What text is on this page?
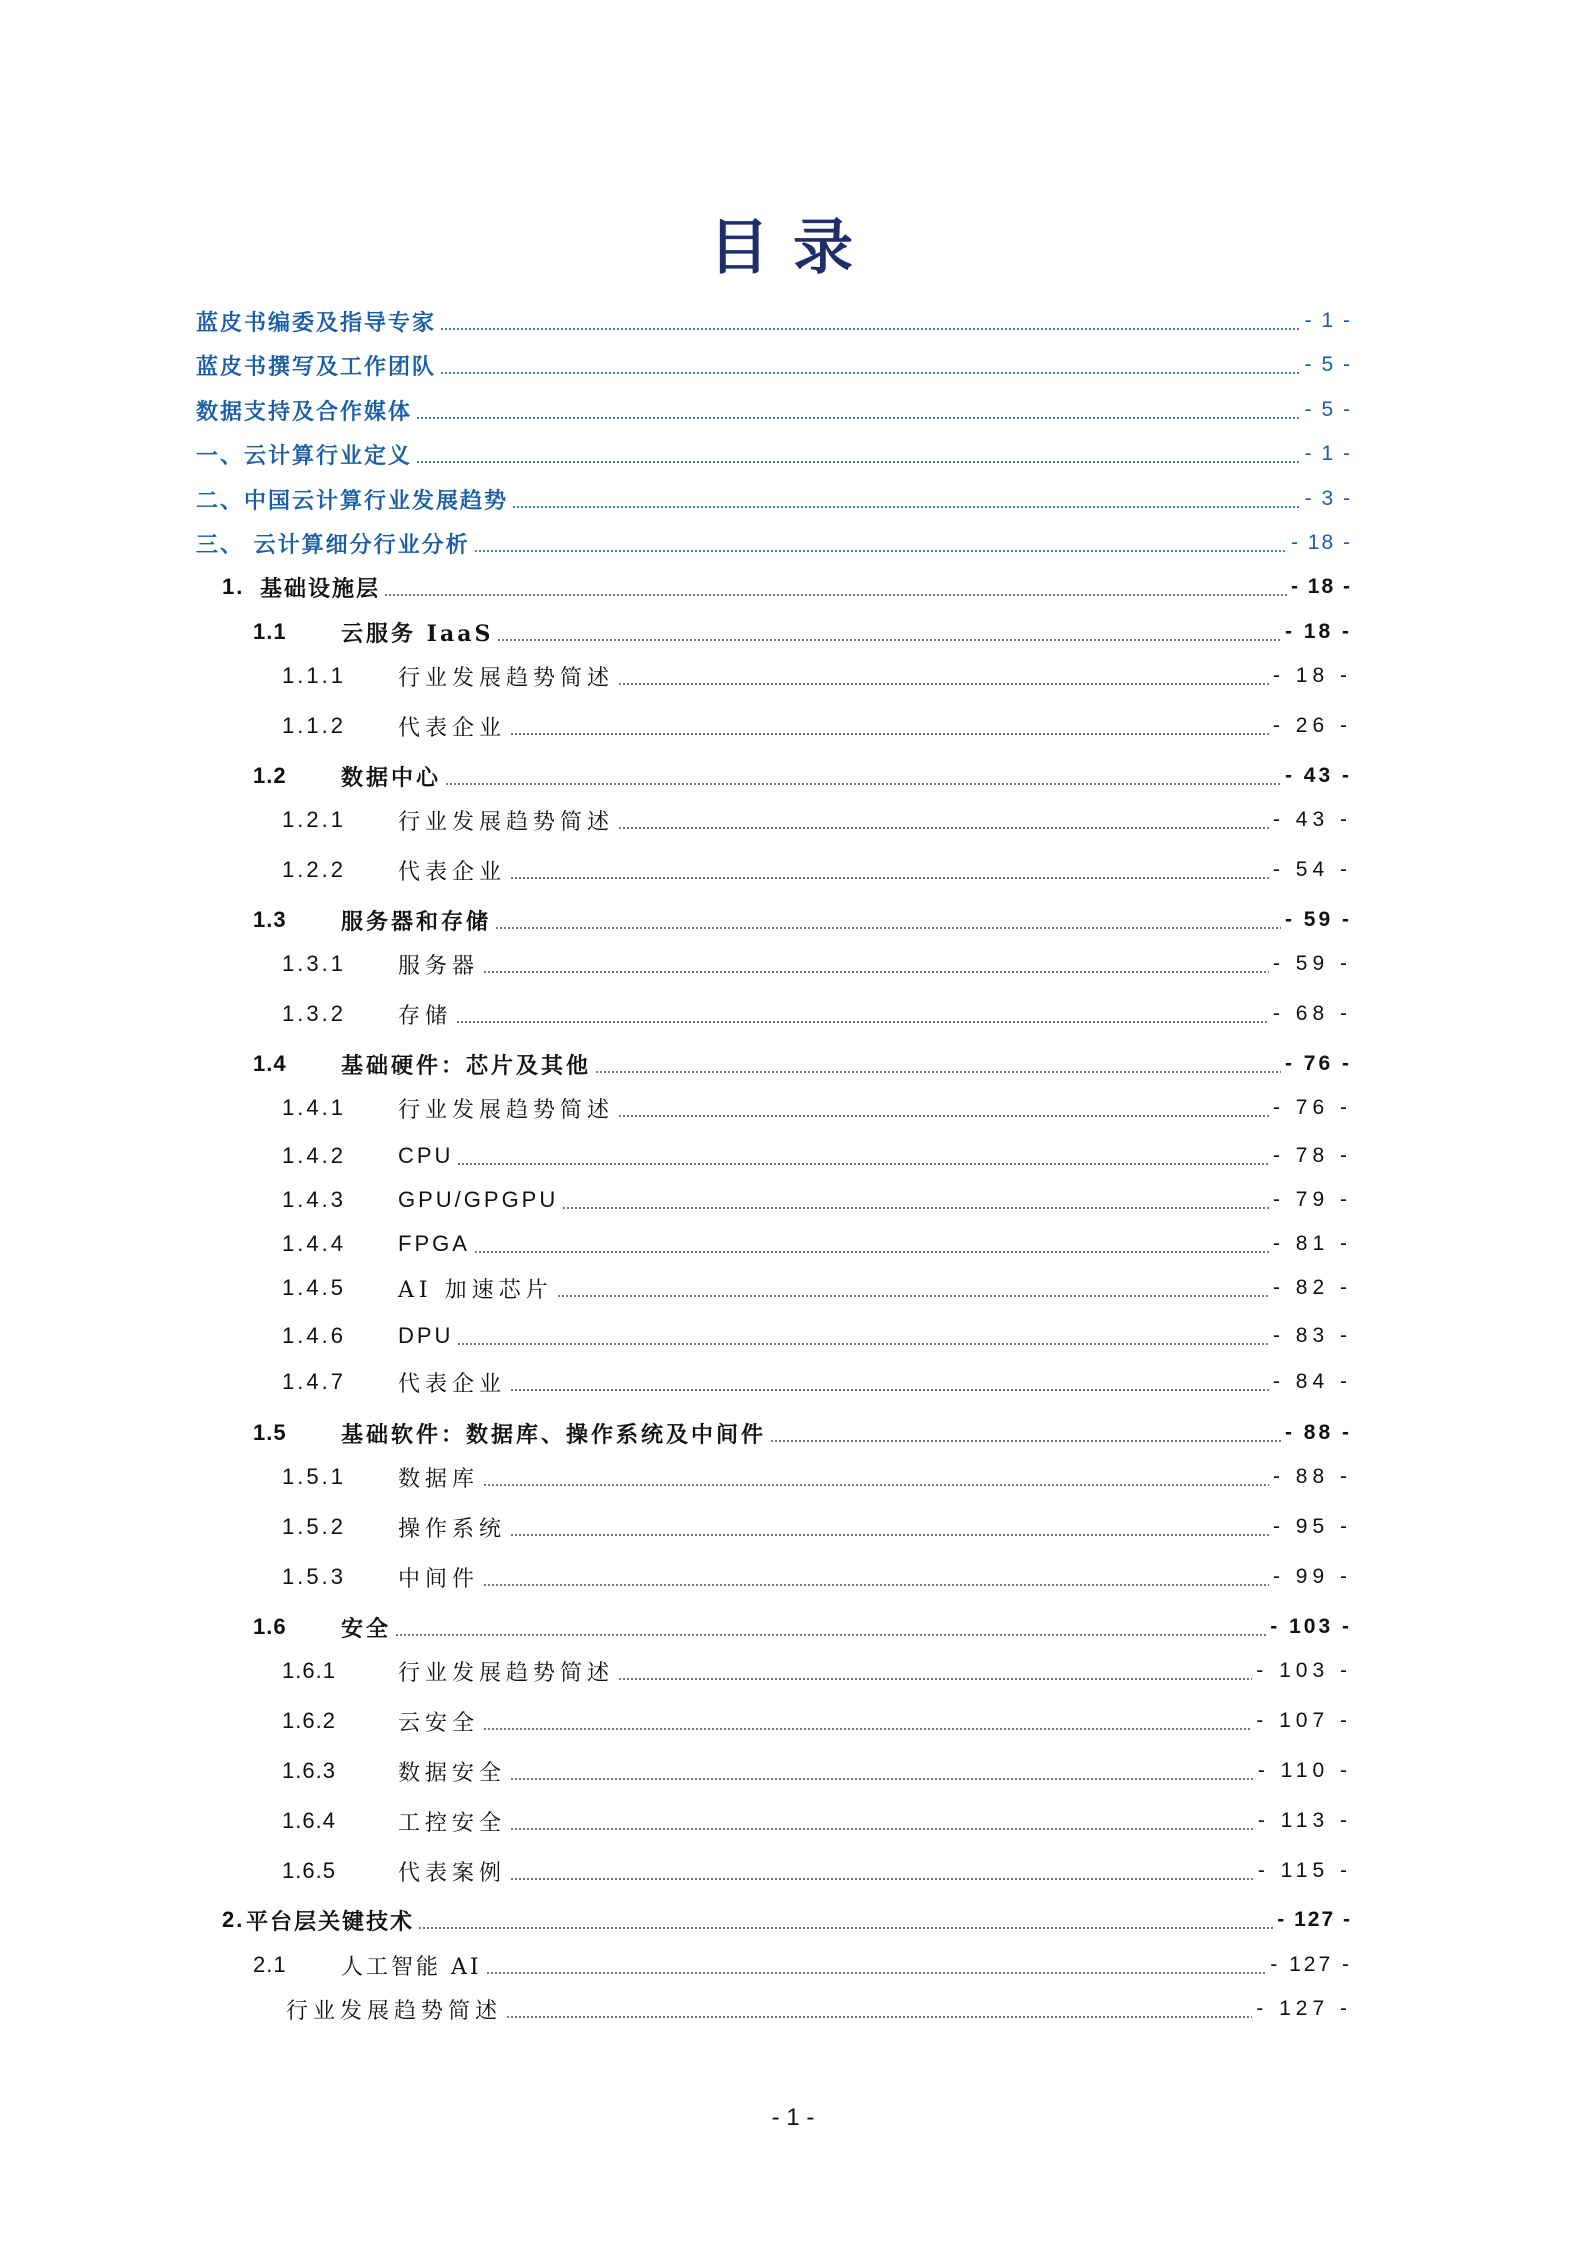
目录
蓝皮书编委及指导专家	- 1 -
蓝皮书撰写及工作团队	- 5 -
数据支持及合作媒体	- 5 -
一、云计算行业定义	- 1 -
二、中国云计算行业发展趋势	- 3 -
三、 云计算细分行业分析	- 18 -
1. 基础设施层	- 18 -
1.1	云服务 IaaS	- 18 -
1.1.1	行业发展趋势简述	- 18 -
1.1.2	代表企业	- 26 -
1.2	数据中心	- 43 -
1.2.1	行业发展趋势简述	- 43 -
1.2.2	代表企业	- 54 -
1.3	服务器和存储	- 59 -
1.3.1	服务器	- 59 -
1.3.2	存储	- 68 -
1.4	基础硬件：芯片及其他	- 76 -
1.4.1	行业发展趋势简述	- 76 -
1.4.2	CPU	- 78 -
1.4.3	GPU/GPGPU	- 79 -
1.4.4	FPGA	- 81 -
1.4.5	AI 加速芯片	- 82 -
1.4.6	DPU	- 83 -
1.4.7	代表企业	- 84 -
1.5	基础软件：数据库、操作系统及中间件	- 88 -
1.5.1	数据库	- 88 -
1.5.2	操作系统	- 95 -
1.5.3	中间件	- 99 -
1.6	安全	- 103 -
1.6.1	行业发展趋势简述	- 103 -
1.6.2	云安全	- 107 -
1.6.3	数据安全	- 110 -
1.6.4	工控安全	- 113 -
1.6.5	代表案例	- 115 -
2. 平台层关键技术	- 127 -
2.1	人工智能 AI	- 127 -
行业发展趋势简述	- 127 -
- 1 -
